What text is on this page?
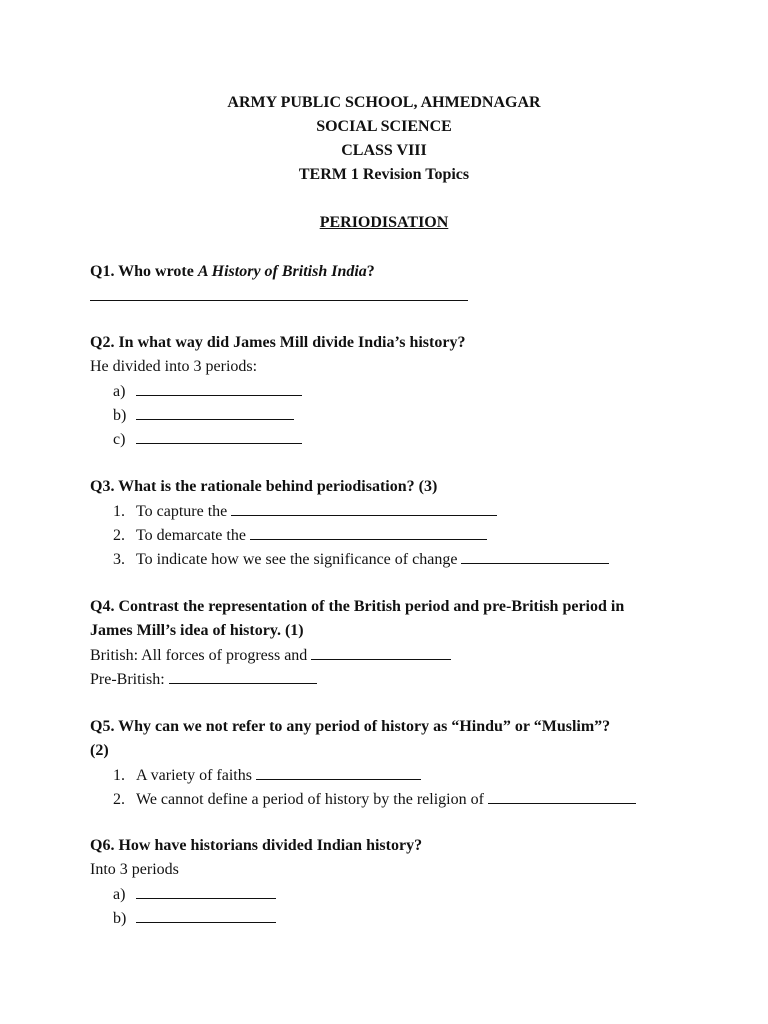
ARMY PUBLIC SCHOOL, AHMEDNAGAR
SOCIAL SCIENCE
CLASS VIII
TERM 1 Revision Topics
PERIODISATION
Q1. Who wrote A History of British India?
Q2. In what way did James Mill divide India’s history?
He divided into 3 periods:
a)
b)
c)
Q3. What is the rationale behind periodisation? (3)
1. To capture the
2. To demarcate the
3. To indicate how we see the significance of change
Q4. Contrast the representation of the British period and pre-British period in
James Mill’s idea of history. (1)
British: All forces of progress and
Pre-British:
Q5. Why can we not refer to any period of history as “Hindu” or “Muslim”?
(2)
1. A variety of faiths
2. We cannot define a period of history by the religion of
Q6. How have historians divided Indian history?
Into 3 periods
a)
b)
